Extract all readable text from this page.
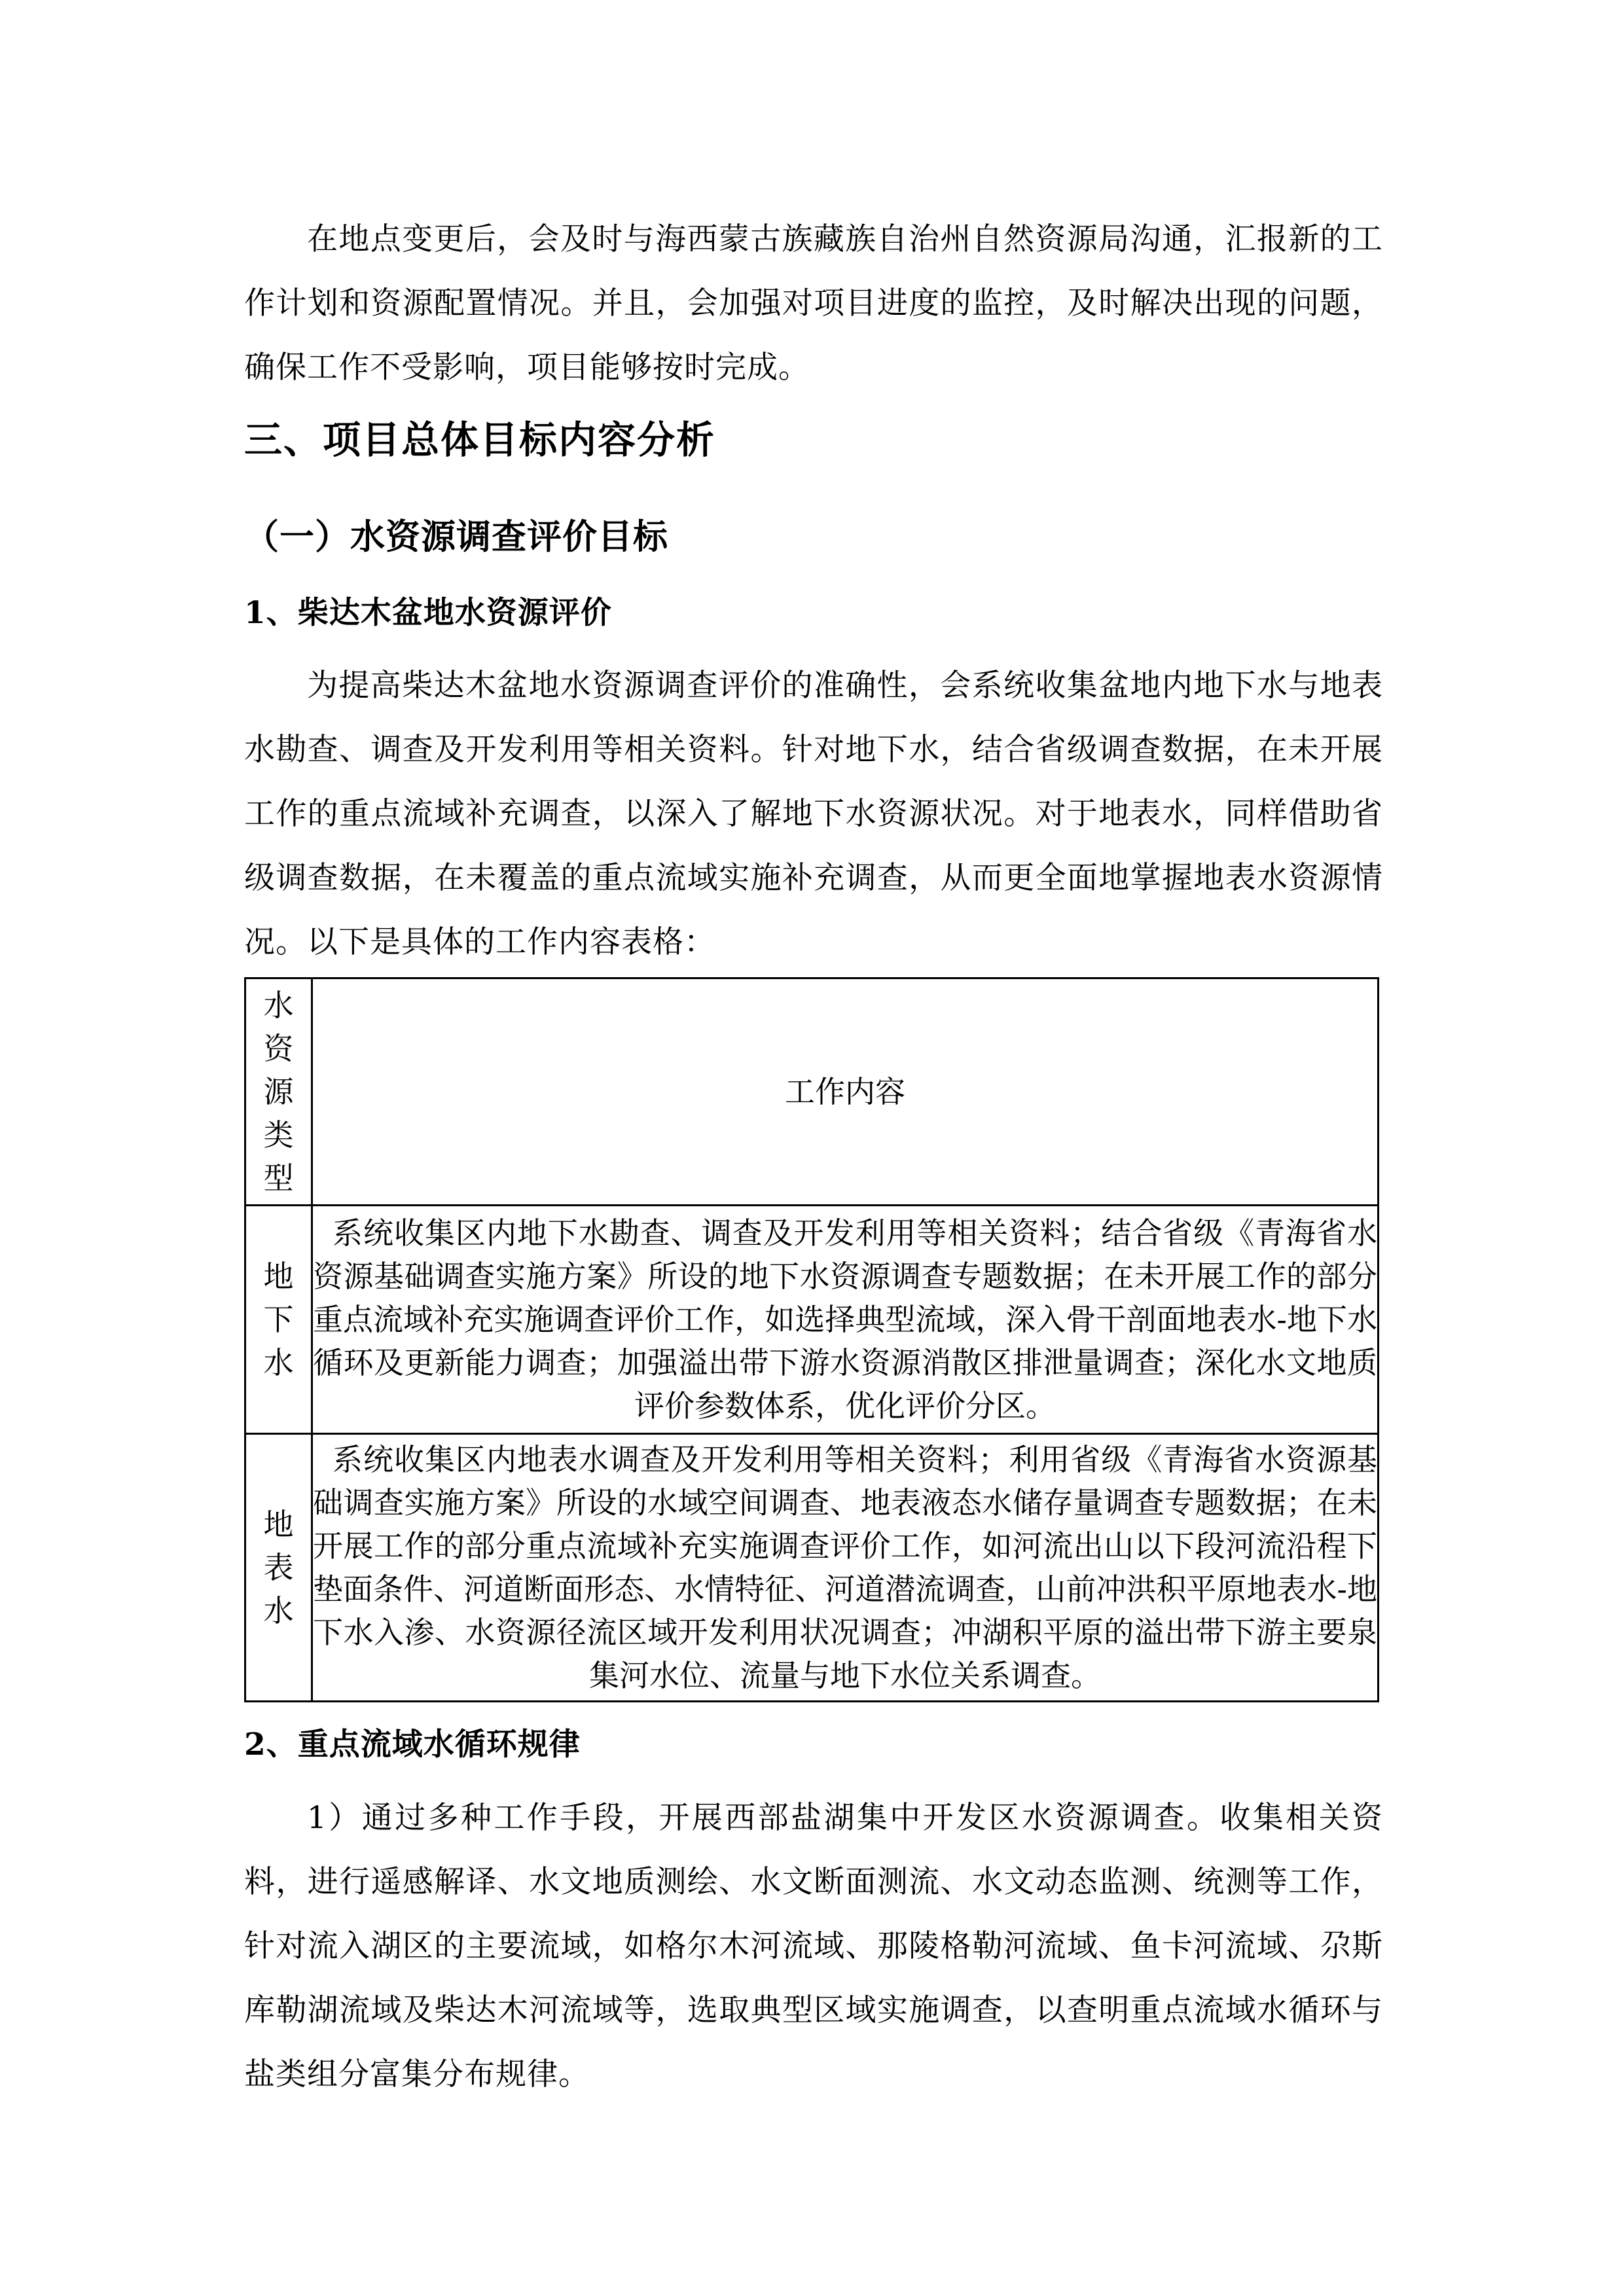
在地点变更后，会及时与海西蒙古族藏族自治州自然资源局沟通，汇报新的工作计划和资源配置情况。并且，会加强对项目进度的监控，及时解决出现的问题，确保工作不受影响，项目能够按时完成。

三、项目总体目标内容分析
（一）水资源调查评价目标
1、柴达木盆地水资源评价

为提高柴达木盆地水资源调查评价的准确性，会系统收集盆地内地下水与地表水勘查、调查及开发利用等相关资料。针对地下水，结合省级调查数据，在未开展工作的重点流域补充调查，以深入了解地下水资源状况。对于地表水，同样借助省级调查数据，在未覆盖的重点流域实施补充调查，从而更全面地掌握地表水资源情况。以下是具体的工作内容表格：

水
资
源
类
型	工作内容

地
下
水	系统收集区内地下水勘查、调查及开发利用等相关资料；结合省级《青海省水资源基础调查实施方案》所设的地下水资源调查专题数据；在未开展工作的部分重点流域补充实施调查评价工作，如选择典型流域，深入骨干剖面地表水-地下水循环及更新能力调查；加强溢出带下游水资源消散区排泄量调查；深化水文地质评价参数体系，优化评价分区。

地
表
水	系统收集区内地表水调查及开发利用等相关资料；利用省级《青海省水资源基础调查实施方案》所设的水域空间调查、地表液态水储存量调查专题数据；在未开展工作的部分重点流域补充实施调查评价工作，如河流出山以下段河流沿程下垫面条件、河道断面形态、水情特征、河道潜流调查，山前冲洪积平原地表水-地下水入渗、水资源径流区域开发利用状况调查；冲湖积平原的溢出带下游主要泉集河水位、流量与地下水位关系调查。
2、重点流域水循环规律

1）通过多种工作手段，开展西部盐湖集中开发区水资源调查。收集相关资料，进行遥感解译、水文地质测绘、水文断面测流、水文动态监测、统测等工作，针对流入湖区的主要流域，如格尔木河流域、那陵格勒河流域、鱼卡河流域、尕斯库勒湖流域及柴达木河流域等，选取典型区域实施调查，以查明重点流域水循环与盐类组分富集分布规律。
